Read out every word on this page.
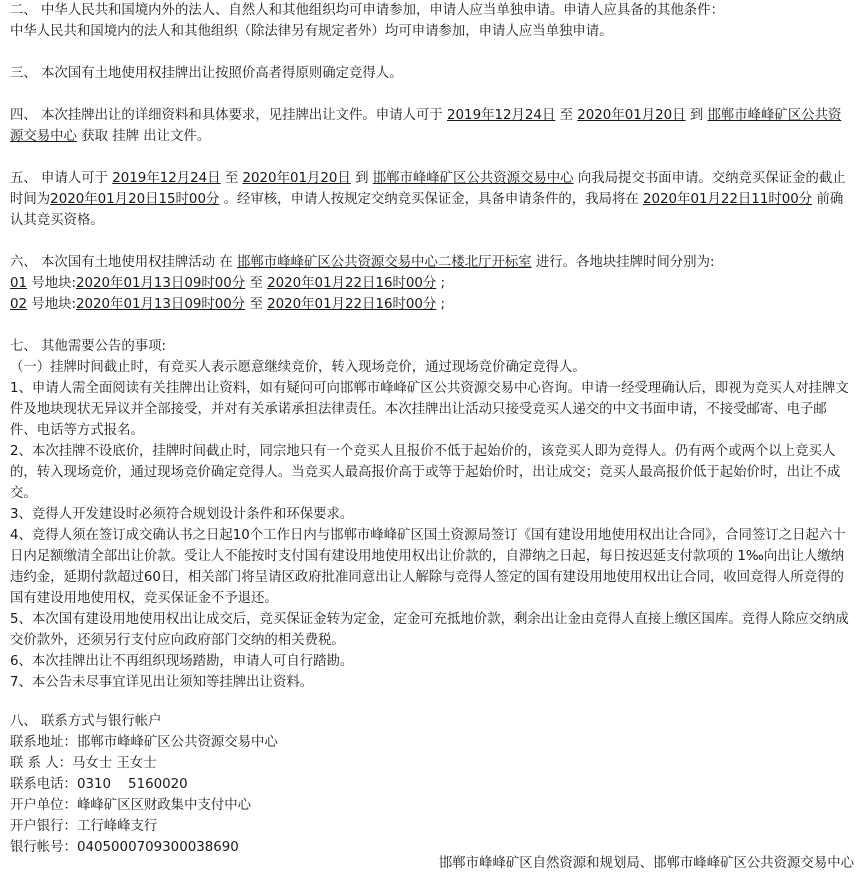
二、 中华人民共和国境内外的法人、自然人和其他组织均可申请参加，申请人应当单独申请。申请人应具备的其他条件：

中华人民共和国境内的法人和其他组织（除法律另有规定者外）均可申请参加，申请人应当单独申请。

三、 本次国有土地使用权挂牌出让按照价高者得原则确定竞得人。

四、 本次挂牌出让的详细资料和具体要求，见挂牌出让文件。申请人可于 2019年12月24日 至 2020年01月20日 到 邯郸市峰峰矿区公共资源交易中心 获取 挂牌 出让文件。

五、 申请人可于 2019年12月24日 至 2020年01月20日 到 邯郸市峰峰矿区公共资源交易中心 向我局提交书面申请。交纳竞买保证金的截止时间为2020年01月20日15时00分 。经审核，申请人按规定交纳竞买保证金，具备申请条件的，我局将在 2020年01月22日11时00分 前确认其竞买资格。

六、 本次国有土地使用权挂牌活动 在 邯郸市峰峰矿区公共资源交易中心二楼北厅开标室 进行。各地块挂牌时间分别为:

01 号地块:2020年01月13日09时00分 至 2020年01月22日16时00分 ;

02 号地块:2020年01月13日09时00分 至 2020年01月22日16时00分 ;

七、 其他需要公告的事项:

（一）挂牌时间截止时，有竞买人表示愿意继续竞价，转入现场竞价，通过现场竞价确定竞得人。

1、申请人需全面阅读有关挂牌出让资料，如有疑问可向邯郸市峰峰矿区公共资源交易中心咨询。申请一经受理确认后，即视为竞买人对挂牌文件及地块现状无异议并全部接受，并对有关承诺承担法律责任。本次挂牌出让活动只接受竞买人递交的中文书面申请，不接受邮寄、电子邮件、电话等方式报名。

2、本次挂牌不设底价，挂牌时间截止时，同宗地只有一个竞买人且报价不低于起始价的，该竞买人即为竞得人。仍有两个或两个以上竞买人的，转入现场竞价，通过现场竞价确定竞得人。当竞买人最高报价高于或等于起始价时，出让成交；竞买人最高报价低于起始价时，出让不成交。

3、竞得人开发建设时必须符合规划设计条件和环保要求。

4、竞得人须在签订成交确认书之日起10个工作日内与邯郸市峰峰矿区国土资源局签订《国有建设用地使用权出让合同》，合同签订之日起六十日内足额缴清全部出让价款。受让人不能按时支付国有建设用地使用权出让价款的，自滞纳之日起，每日按迟延支付款项的 1‰向出让人缴纳违约金，延期付款超过60日，相关部门将呈请区政府批准同意出让人解除与竞得人签定的国有建设用地使用权出让合同，收回竞得人所竞得的国有建设用地使用权，竞买保证金不予退还。

5、本次国有建设用地使用权出让成交后，竞买保证金转为定金，定金可充抵地价款，剩余出让金由竞得人直接上缴区国库。竞得人除应交纳成交价款外，还须另行支付应向政府部门交纳的相关费税。

6、本次挂牌出让不再组织现场踏勘，申请人可自行踏勘。

7、本公告未尽事宜详见出让须知等挂牌出让资料。

八、 联系方式与银行帐户

联系地址：邯郸市峰峰矿区公共资源交易中心

联 系 人：马女士 王女士

联系电话：0310    5160020

开户单位：峰峰矿区区财政集中支付中心

开户银行：工行峰峰支行

银行帐号：0405000709300038690

邯郸市峰峰矿区自然资源和规划局、邯郸市峰峰矿区公共资源交易中心
